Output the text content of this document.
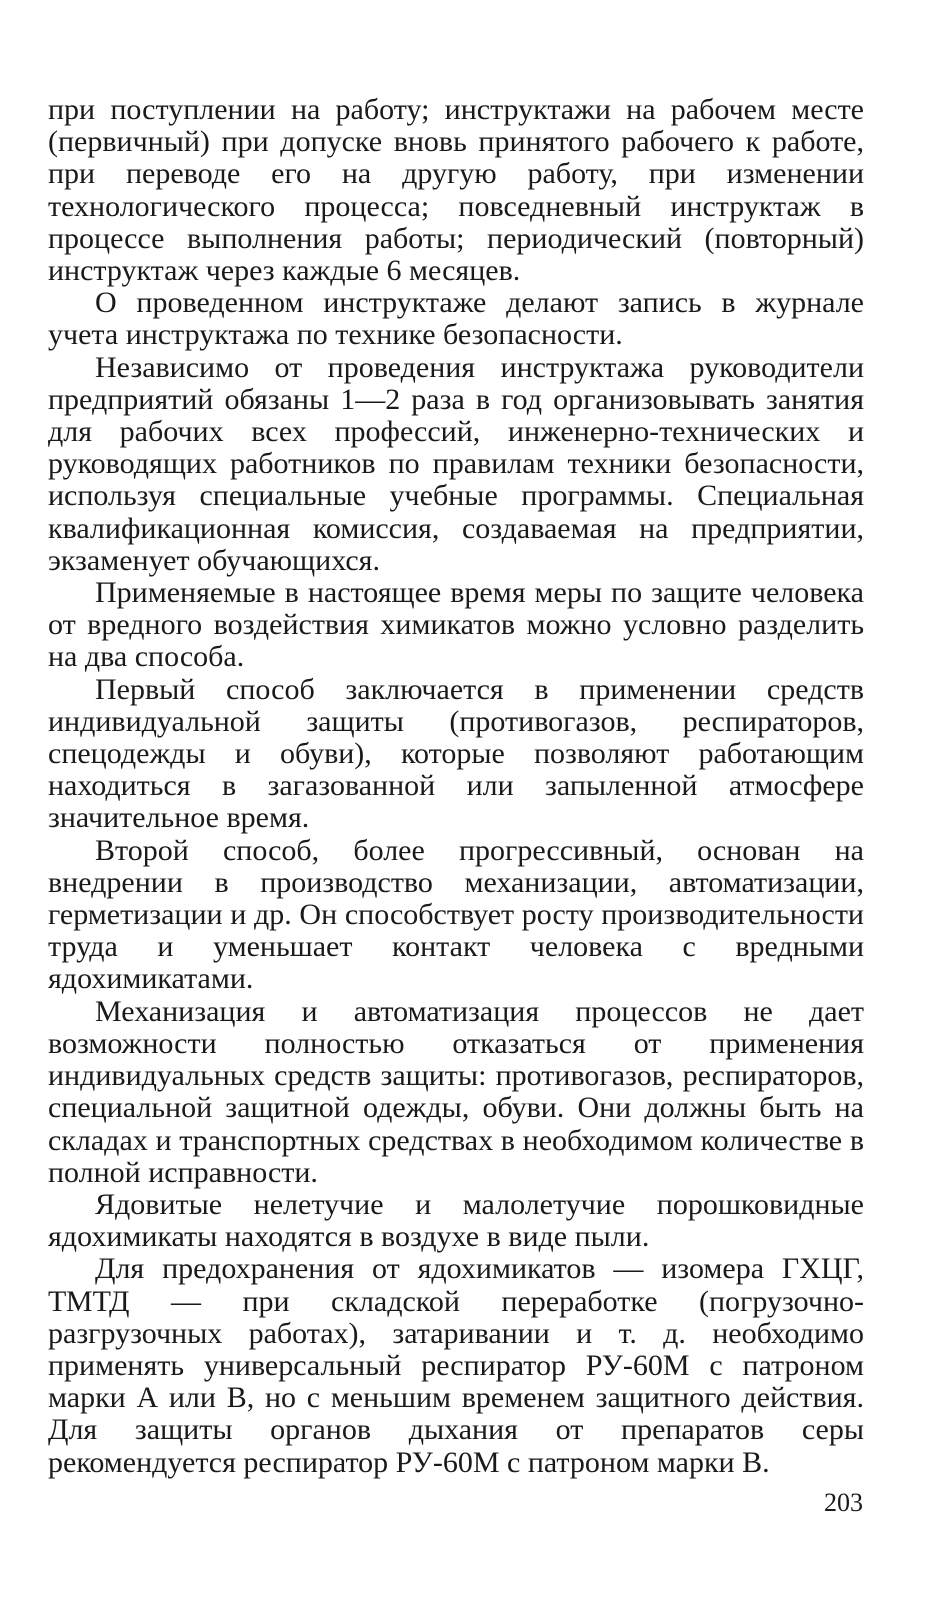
при поступлении на работу; инструктажи на рабочем месте (первичный) при допуске вновь принятого рабочего к работе, при переводе его на другую работу, при изменении технологического процесса; повседневный инструктаж в процессе выполнения работы; периодический (повторный) инструктаж через каждые 6 месяцев.

О проведенном инструктаже делают запись в журнале учета инструктажа по технике безопасности.

Независимо от проведения инструктажа руководители предприятий обязаны 1—2 раза в год организовывать занятия для рабочих всех профессий, инженерно-технических и руководящих работников по правилам техники безопасности, используя специальные учебные программы. Специальная квалификационная комиссия, создаваемая на предприятии, экзаменует обучающихся.

Применяемые в настоящее время меры по защите человека от вредного воздействия химикатов можно условно разделить на два способа.

Первый способ заключается в применении средств индивидуальной защиты (противогазов, респираторов, спецодежды и обуви), которые позволяют работающим находиться в загазованной или запыленной атмосфере значительное время.

Второй способ, более прогрессивный, основан на внедрении в производство механизации, автоматизации, герметизации и др. Он способствует росту производительности труда и уменьшает контакт человека с вредными ядохимикатами.

Механизация и автоматизация процессов не дает возможности полностью отказаться от применения индивидуальных средств защиты: противогазов, респираторов, специальной защитной одежды, обуви. Они должны быть на складах и транспортных средствах в необходимом количестве в полной исправности.

Ядовитые нелетучие и малолетучие порошковидные ядохимикаты находятся в воздухе в виде пыли.

Для предохранения от ядохимикатов — изомера ГХЦГ, ТМТД — при складской переработке (погрузочно-разгрузочных работах), затаривании и т. д. необходимо применять универсальный респиратор РУ-60М с патроном марки А или В, но с меньшим временем защитного действия. Для защиты органов дыхания от препаратов серы рекомендуется респиратор РУ-60М с патроном марки В.

203
